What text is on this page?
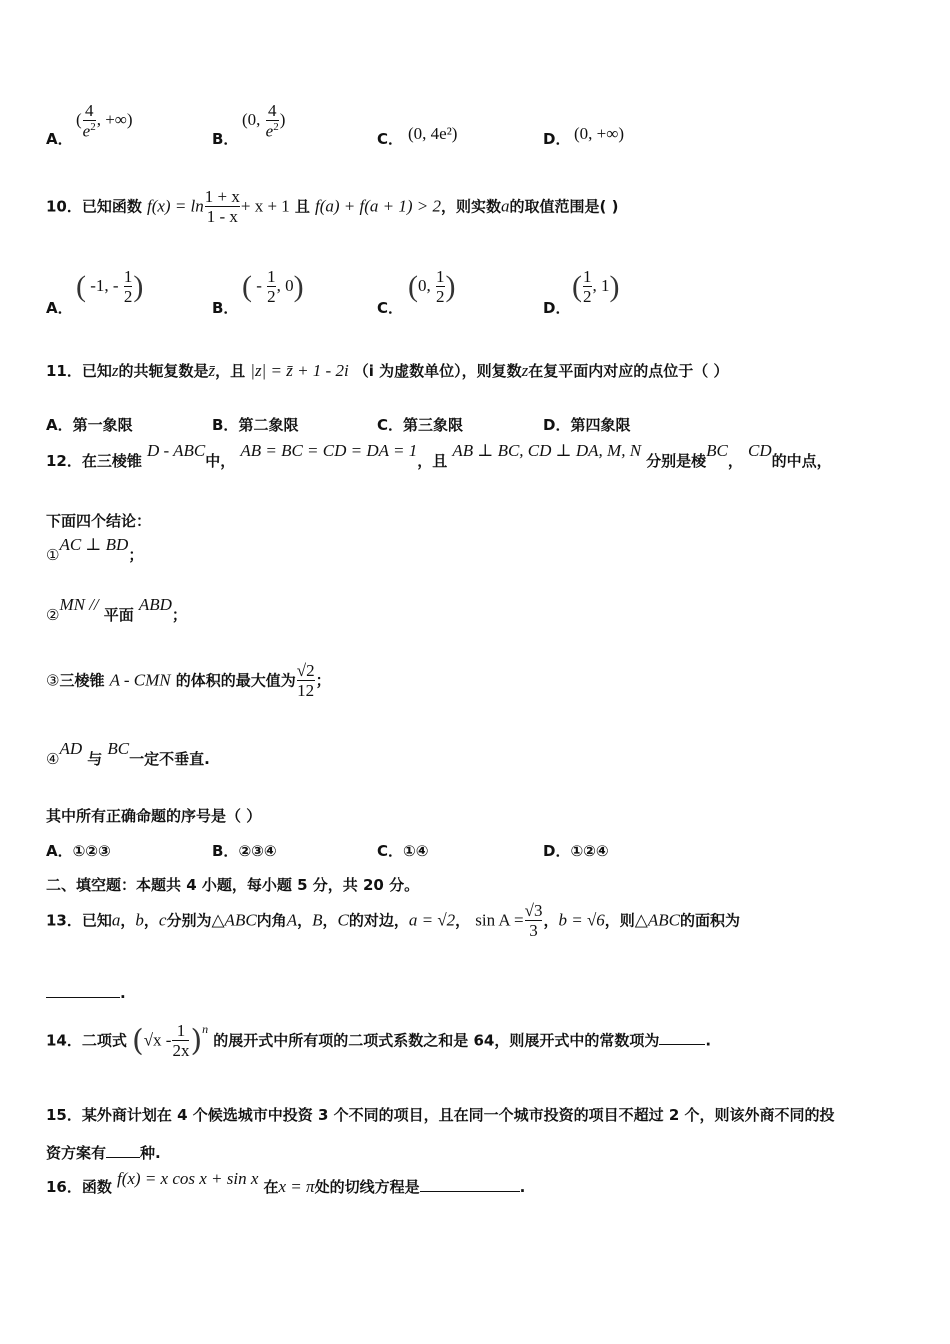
A．
( $\frac{4}{e^2}$ , +∞)
B．
(0, $\frac{4}{e^2}$ )
C． (0, 4e²)	D． (0, +∞)
10．已知函数 $f(x) = \ln \frac{1 + x}{1 - x} + x + 1$ 且 f(a) + f(a + 1) > 2，则实数a的取值范围是( )
A．
( -1, - $\frac{1}{2}$ )
B．
( - $\frac{1}{2}$ , 0)
C．
(0, $\frac{1}{2}$ )
D．
( $\frac{1}{2}$ , 1)
11．已知z的共轭复数是z̄，且 |z| = z̄ + 1 - 2i （i 为虚数单位），则复数z在复平面内对应的点位于（ ）
A．第一象限	B．第二象限	C．第三象限	D．第四象限
12．在三棱锥 D - ABC中， AB = BC = CD = DA = 1，且 AB ⊥ BC, CD ⊥ DA, M, N 分别是棱BC， CD的中点，
下面四个结论：
①AC ⊥ BD；
②MN // 平面 ABD；
③三棱锥 A - CMN 的体积的最大值为 $\frac{√2}{12}$ ；
④AD 与 BC一定不垂直.
其中所有正确命题的序号是（ ）
A．①②③	B．②③④	C．①④	D．①②④
二、填空题：本题共 4 小题，每小题 5 分，共 20 分。
13．已知a，b，c分别为△ABC内角A，B，C的对边，a = √2， $\sin A = \frac{√3}{3}$ ，b = √6，则△ABC的面积为
.
14．二项式 $(√x - \frac{1}{2x} )^n$ 的展开式中所有项的二项式系数之和是 64，则展开式中的常数项为	.
15．某外商计划在 4 个候选城市中投资 3 个不同的项目，且在同一个城市投资的项目不超过 2 个，则该外商不同的投
资方案有 种.
16．函数 f(x) = x cos x + sin x 在x = π处的切线方程是	.
